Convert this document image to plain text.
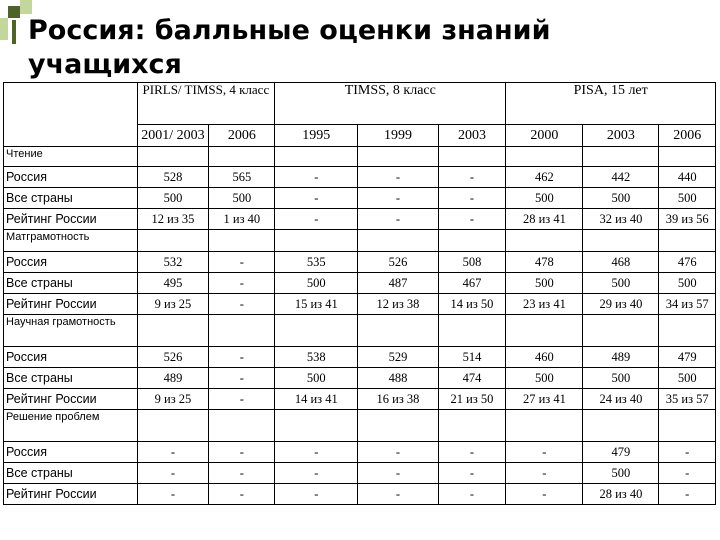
Россия: балльные оценки знаний учащихся
	PIRLS/ TIMSS, 4 класс		TIMSS, 8 класс			PISA, 15 лет		
	2001/ 2003	2006	1995	1999	2003	2000	2003	2006
Чтение								
Россия	528	565	-	-	-	462	442	440
Все страны	500	500	-	-	-	500	500	500
Рейтинг России	12 из 35	1 из 40	-	-	-	28 из 41	32 из 40	39 из 56
Матграмотность								
Россия	532	-	535	526	508	478	468	476
Все страны	495	-	500	487	467	500	500	500
Рейтинг России	9 из 25	-	15 из 41	12 из 38	14 из 50	23 из 41	29 из 40	34 из 57
Научная грамотность								
Россия	526	-	538	529	514	460	489	479
Все страны	489	-	500	488	474	500	500	500
Рейтинг России	9 из 25	-	14 из 41	16 из 38	21 из 50	27 из 41	24 из 40	35 из 57
Решение проблем								
Россия	-	-	-	-	-	-	479	-
Все страны	-	-	-	-	-	-	500	-
Рейтинг России	-	-	-	-	-	-	28 из 40	-
